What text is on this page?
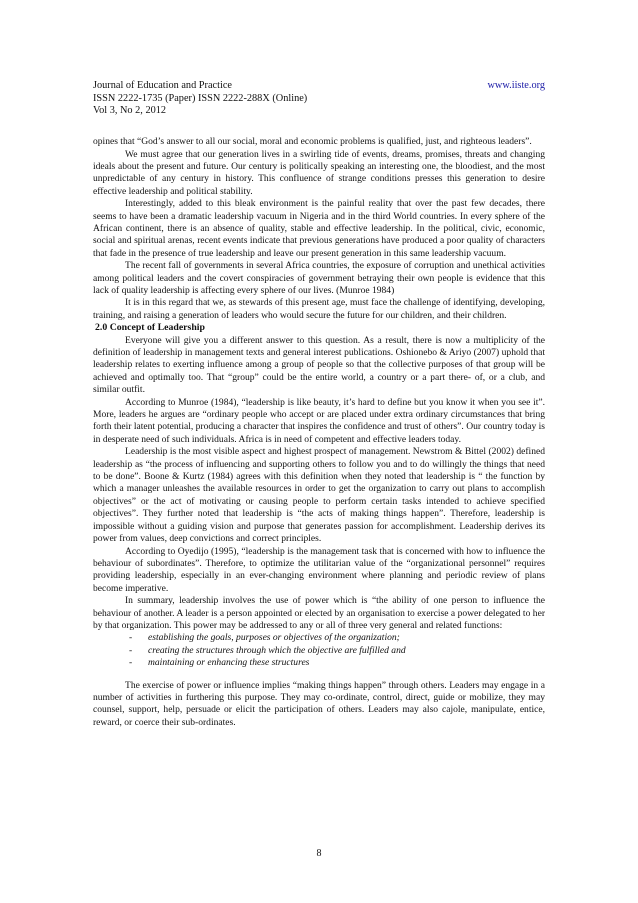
Journal of Education and Practice	www.iiste.org
ISSN 2222-1735 (Paper) ISSN 2222-288X (Online)
Vol 3, No 2, 2012

opines that “God’s answer to all our social, moral and economic problems is qualified, just, and righteous leaders”.

We must agree that our generation lives in a swirling tide of events, dreams, promises, threats and changing ideals about the present and future. Our century is politically speaking an interesting one, the bloodiest, and the most unpredictable of any century in history. This confluence of strange conditions presses this generation to desire effective leadership and political stability.

Interestingly, added to this bleak environment is the painful reality that over the past few decades, there seems to have been a dramatic leadership vacuum in Nigeria and in the third World countries. In every sphere of the African continent, there is an absence of quality, stable and effective leadership. In the political, civic, economic, social and spiritual arenas, recent events indicate that previous generations have produced a poor quality of characters that fade in the presence of true leadership and leave our present generation in this same leadership vacuum.

The recent fall of governments in several Africa countries, the exposure of corruption and unethical activities among political leaders and the covert conspiracies of government betraying their own people is evidence that this lack of quality leadership is affecting every sphere of our lives. (Munroe 1984)

It is in this regard that we, as stewards of this present age, must face the challenge of identifying, developing, training, and raising a generation of leaders who would secure the future for our children, and their children.

2.0 Concept of Leadership

Everyone will give you a different answer to this question. As a result, there is now a multiplicity of the definition of leadership in management texts and general interest publications. Oshionebo & Ariyo (2007) uphold that leadership relates to exerting influence among a group of people so that the collective purposes of that group will be achieved and optimally too. That “group” could be the entire world, a country or a part there- of, or a club, and similar outfit.

According to Munroe (1984), “leadership is like beauty, it’s hard to define but you know it when you see it”. More, leaders he argues are “ordinary people who accept or are placed under extra ordinary circumstances that bring forth their latent potential, producing a character that inspires the confidence and trust of others”. Our country today is in desperate need of such individuals. Africa is in need of competent and effective leaders today.

Leadership is the most visible aspect and highest prospect of management. Newstrom & Bittel (2002) defined leadership as “the process of influencing and supporting others to follow you and to do willingly the things that need to be done”. Boone & Kurtz (1984) agrees with this definition when they noted that leadership is “ the function by which a manager unleashes the available resources in order to get the organization to carry out plans to accomplish objectives” or the act of motivating or causing people to perform certain tasks intended to achieve specified objectives”. They further noted that leadership is “the acts of making things happen”. Therefore, leadership is impossible without a guiding vision and purpose that generates passion for accomplishment. Leadership derives its power from values, deep convictions and correct principles.

According to Oyedijo (1995), “leadership is the management task that is concerned with how to influence the behaviour of subordinates”. Therefore, to optimize the utilitarian value of the “organizational personnel” requires providing leadership, especially in an ever-changing environment where planning and periodic review of plans become imperative.

In summary, leadership involves the use of power which is “the ability of one person to influence the behaviour of another. A leader is a person appointed or elected by an organisation to exercise a power delegated to her by that organization. This power may be addressed to any or all of three very general and related functions:

- establishing the goals, purposes or objectives of the organization;
- creating the structures through which the objective are fulfilled and
- maintaining or enhancing these structures

The exercise of power or influence implies “making things happen” through others. Leaders may engage in a number of activities in furthering this purpose. They may co-ordinate, control, direct, guide or mobilize, they may counsel, support, help, persuade or elicit the participation of others. Leaders may also cajole, manipulate, entice, reward, or coerce their sub-ordinates.

8
